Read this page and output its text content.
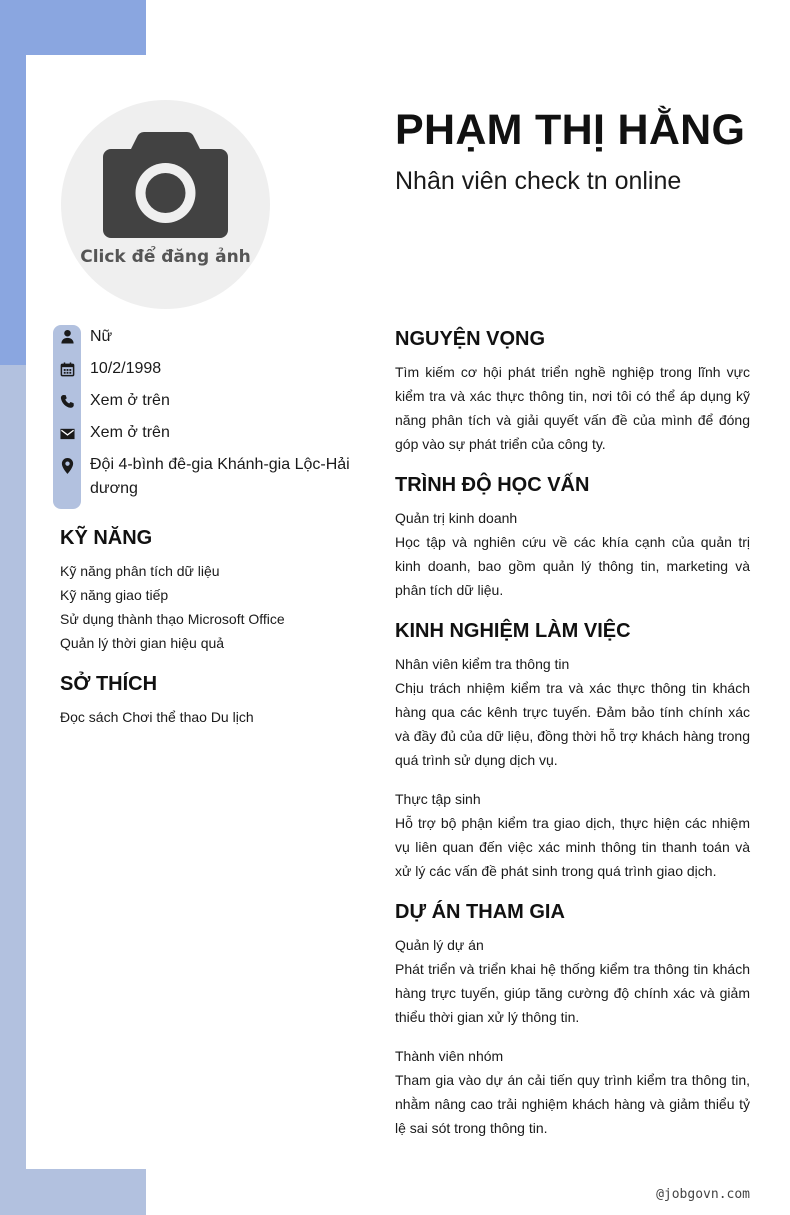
Click để đăng ảnh
PHẠM THỊ HẰNG
Nhân viên check tn online
Nữ
10/2/1998
Xem ở trên
Xem ở trên
Đội 4-bình đê-gia Khánh-gia Lộc-Hải dương
KỸ NĂNG
Kỹ năng phân tích dữ liệu
Kỹ năng giao tiếp
Sử dụng thành thạo Microsoft Office
Quản lý thời gian hiệu quả
SỞ THÍCH
Đọc sách Chơi thể thao Du lịch
NGUYỆN VỌNG
Tìm kiếm cơ hội phát triển nghề nghiệp trong lĩnh vực kiểm tra và xác thực thông tin, nơi tôi có thể áp dụng kỹ năng phân tích và giải quyết vấn đề của mình để đóng góp vào sự phát triển của công ty.
TRÌNH ĐỘ HỌC VẤN
Quản trị kinh doanh
Học tập và nghiên cứu về các khía cạnh của quản trị kinh doanh, bao gồm quản lý thông tin, marketing và phân tích dữ liệu.
KINH NGHIỆM LÀM VIỆC
Nhân viên kiểm tra thông tin
Chịu trách nhiệm kiểm tra và xác thực thông tin khách hàng qua các kênh trực tuyến. Đảm bảo tính chính xác và đầy đủ của dữ liệu, đồng thời hỗ trợ khách hàng trong quá trình sử dụng dịch vụ.
Thực tập sinh
Hỗ trợ bộ phận kiểm tra giao dịch, thực hiện các nhiệm vụ liên quan đến việc xác minh thông tin thanh toán và xử lý các vấn đề phát sinh trong quá trình giao dịch.
DỰ ÁN THAM GIA
Quản lý dự án
Phát triển và triển khai hệ thống kiểm tra thông tin khách hàng trực tuyến, giúp tăng cường độ chính xác và giảm thiểu thời gian xử lý thông tin.
Thành viên nhóm
Tham gia vào dự án cải tiến quy trình kiểm tra thông tin, nhằm nâng cao trải nghiệm khách hàng và giảm thiểu tỷ lệ sai sót trong thông tin.
@jobgovn.com
